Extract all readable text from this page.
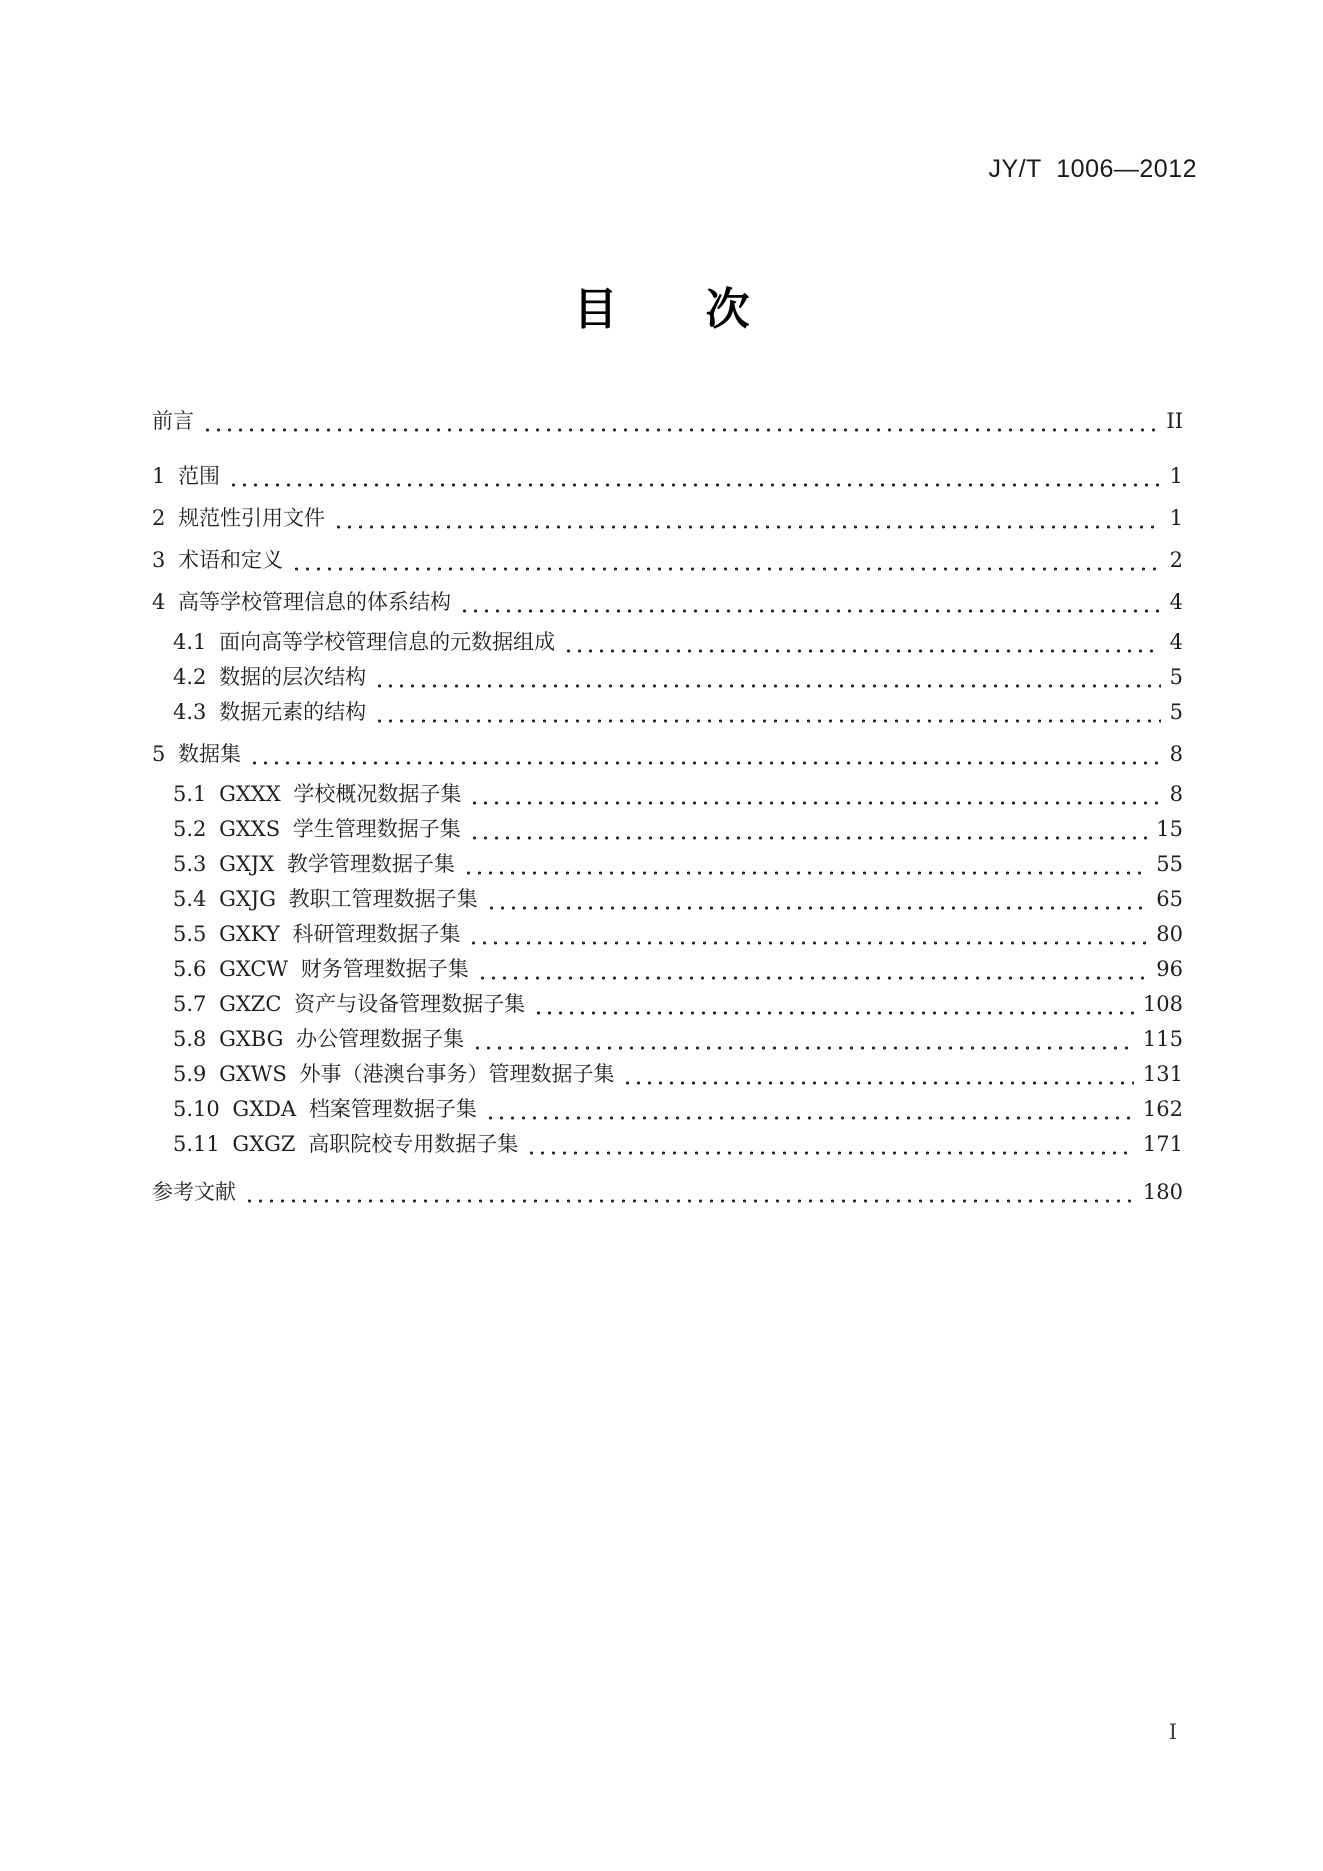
JY/T  1006—2012
目　　次
前言	II
1 范围	1
2 规范性引用文件	1
3 术语和定义	2
4 高等学校管理信息的体系结构	4
4.1 面向高等学校管理信息的元数据组成	4
4.2 数据的层次结构	5
4.3 数据元素的结构	5
5 数据集	8
5.1 GXXX 学校概况数据子集	8
5.2 GXXS 学生管理数据子集	15
5.3 GXJX 教学管理数据子集	55
5.4 GXJG 教职工管理数据子集	65
5.5 GXKY 科研管理数据子集	80
5.6 GXCW 财务管理数据子集	96
5.7 GXZC 资产与设备管理数据子集	108
5.8 GXBG 办公管理数据子集	115
5.9 GXWS 外事（港澳台事务）管理数据子集	131
5.10 GXDA 档案管理数据子集	162
5.11 GXGZ 高职院校专用数据子集	171
参考文献	180
I
